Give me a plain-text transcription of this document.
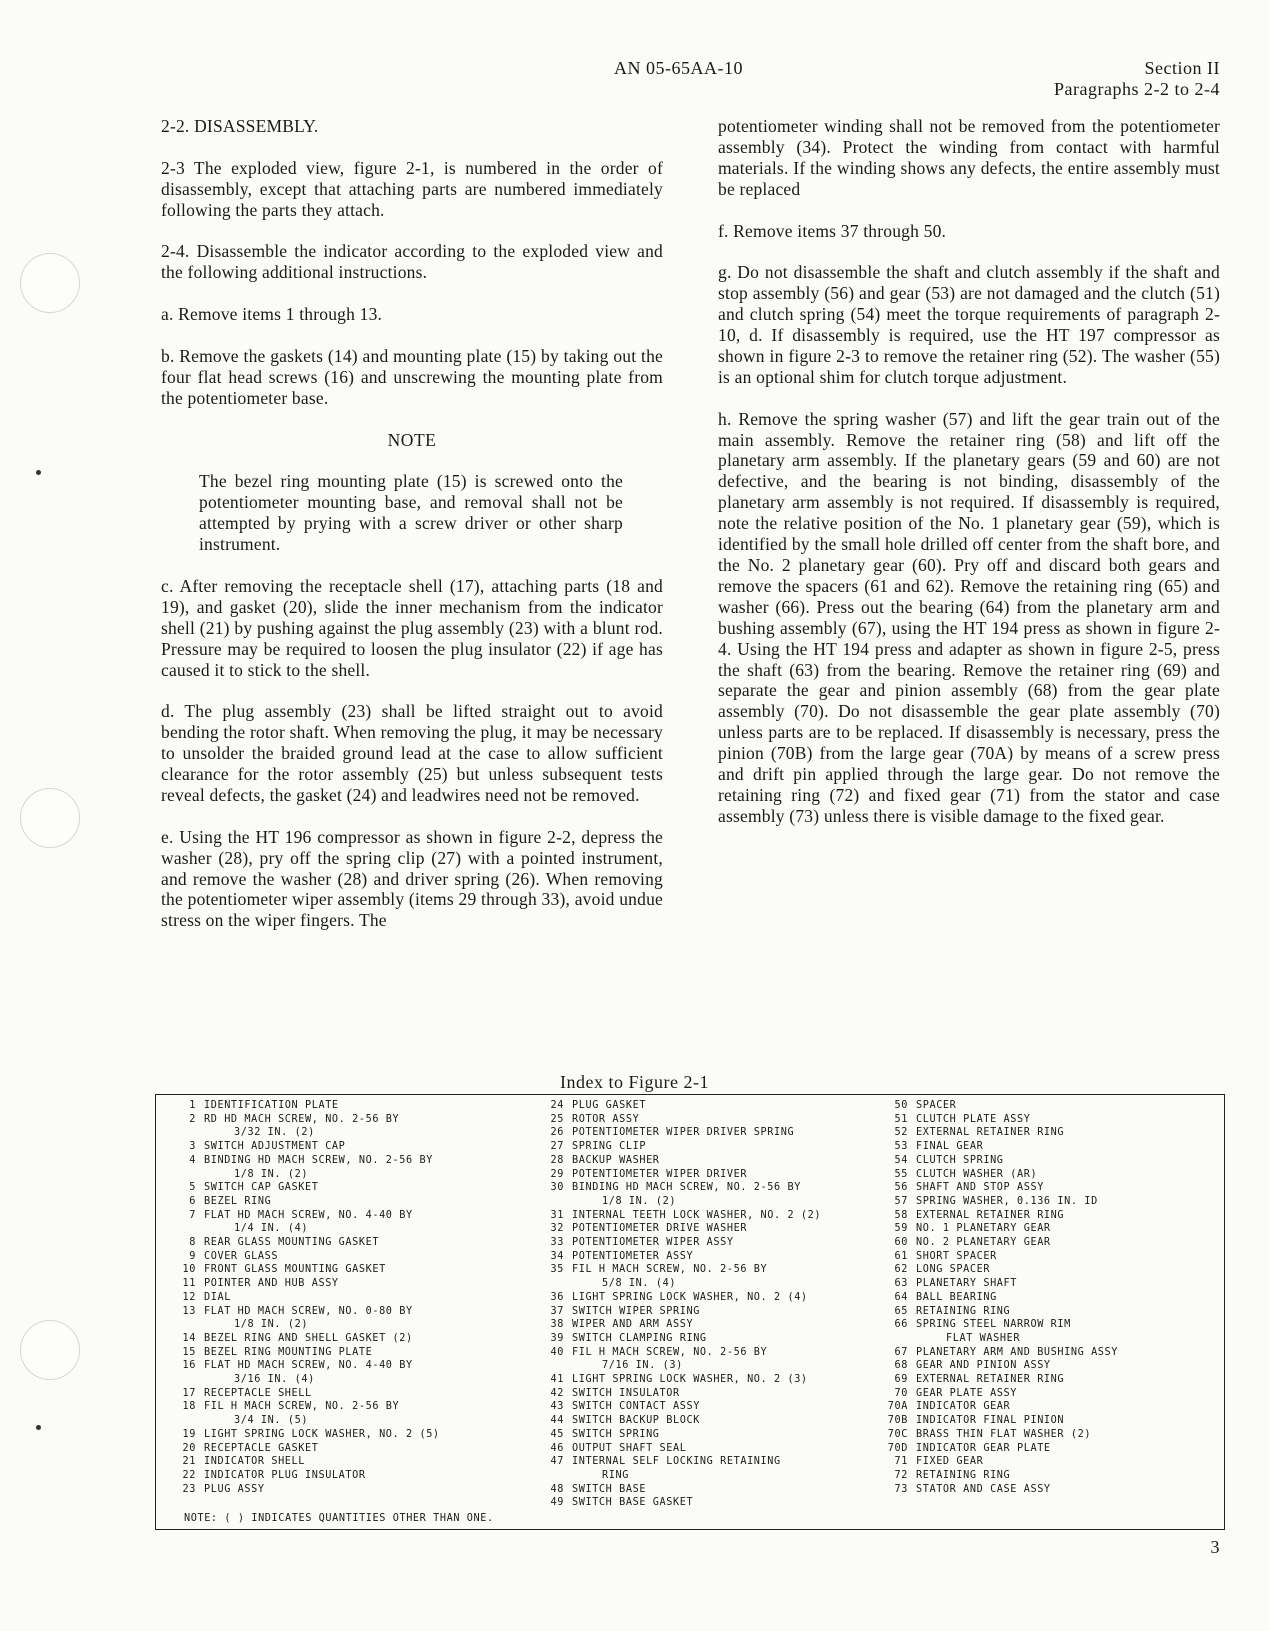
AN 05-65AA-10	Section II
Paragraphs 2-2 to 2-4

2-2. DISASSEMBLY.

2-3 The exploded view, figure 2-1, is numbered in the order of disassembly, except that attaching parts are numbered immediately following the parts they attach.

2-4. Disassemble the indicator according to the exploded view and the following additional instructions.

a. Remove items 1 through 13.

b. Remove the gaskets (14) and mounting plate (15) by taking out the four flat head screws (16) and unscrewing the mounting plate from the potentiometer base.

NOTE

The bezel ring mounting plate (15) is screwed onto the potentiometer mounting base, and removal shall not be attempted by prying with a screw driver or other sharp instrument.

c. After removing the receptacle shell (17), attaching parts (18 and 19), and gasket (20), slide the inner mechanism from the indicator shell (21) by pushing against the plug assembly (23) with a blunt rod. Pressure may be required to loosen the plug insulator (22) if age has caused it to stick to the shell.

d. The plug assembly (23) shall be lifted straight out to avoid bending the rotor shaft. When removing the plug, it may be necessary to unsolder the braided ground lead at the case to allow sufficient clearance for the rotor assembly (25) but unless subsequent tests reveal defects, the gasket (24) and leadwires need not be removed.

e. Using the HT 196 compressor as shown in figure 2-2, depress the washer (28), pry off the spring clip (27) with a pointed instrument, and remove the washer (28) and driver spring (26). When removing the potentiometer wiper assembly (items 29 through 33), avoid undue stress on the wiper fingers. The

potentiometer winding shall not be removed from the potentiometer assembly (34). Protect the winding from contact with harmful materials. If the winding shows any defects, the entire assembly must be replaced

f. Remove items 37 through 50.

g. Do not disassemble the shaft and clutch assembly if the shaft and stop assembly (56) and gear (53) are not damaged and the clutch (51) and clutch spring (54) meet the torque requirements of paragraph 2-10, d. If disassembly is required, use the HT 197 compressor as shown in figure 2-3 to remove the retainer ring (52). The washer (55) is an optional shim for clutch torque adjustment.

h. Remove the spring washer (57) and lift the gear train out of the main assembly. Remove the retainer ring (58) and lift off the planetary arm assembly. If the planetary gears (59 and 60) are not defective, and the bearing is not binding, disassembly of the planetary arm assembly is not required. If disassembly is required, note the relative position of the No. 1 planetary gear (59), which is identified by the small hole drilled off center from the shaft bore, and the No. 2 planetary gear (60). Pry off and discard both gears and remove the spacers (61 and 62). Remove the retaining ring (65) and washer (66). Press out the bearing (64) from the planetary arm and bushing assembly (67), using the HT 194 press as shown in figure 2-4. Using the HT 194 press and adapter as shown in figure 2-5, press the shaft (63) from the bearing. Remove the retainer ring (69) and separate the gear and pinion assembly (68) from the gear plate assembly (70). Do not disassemble the gear plate assembly (70) unless parts are to be replaced. If disassembly is necessary, press the pinion (70B) from the large gear (70A) by means of a screw press and drift pin applied through the large gear. Do not remove the retaining ring (72) and fixed gear (71) from the stator and case assembly (73) unless there is visible damage to the fixed gear.

Index to Figure 2-1
1 IDENTIFICATION PLATE
2 RD HD MACH SCREW, NO. 2-56 BY
3/32 IN. (2)
3 SWITCH ADJUSTMENT CAP
4 BINDING HD MACH SCREW, NO. 2-56 BY
1/8 IN. (2)
5 SWITCH CAP GASKET
6 BEZEL RING
7 FLAT HD MACH SCREW, NO. 4-40 BY
1/4 IN. (4)
8 REAR GLASS MOUNTING GASKET
9 COVER GLASS
10 FRONT GLASS MOUNTING GASKET
11 POINTER AND HUB ASSY
12 DIAL
13 FLAT HD MACH SCREW, NO. 0-80 BY
1/8 IN. (2)
14 BEZEL RING AND SHELL GASKET (2)
15 BEZEL RING MOUNTING PLATE
16 FLAT HD MACH SCREW, NO. 4-40 BY
3/16 IN. (4)
17 RECEPTACLE SHELL
18 FIL H MACH SCREW, NO. 2-56 BY
3/4 IN. (5)
19 LIGHT SPRING LOCK WASHER, NO. 2 (5)
20 RECEPTACLE GASKET
21 INDICATOR SHELL
22 INDICATOR PLUG INSULATOR
23 PLUG ASSY
24 PLUG GASKET
25 ROTOR ASSY
26 POTENTIOMETER WIPER DRIVER SPRING
27 SPRING CLIP
28 BACKUP WASHER
29 POTENTIOMETER WIPER DRIVER
30 BINDING HD MACH SCREW, NO. 2-56 BY
1/8 IN. (2)
31 INTERNAL TEETH LOCK WASHER, NO. 2 (2)
32 POTENTIOMETER DRIVE WASHER
33 POTENTIOMETER WIPER ASSY
34 POTENTIOMETER ASSY
35 FIL H MACH SCREW, NO. 2-56 BY
5/8 IN. (4)
36 LIGHT SPRING LOCK WASHER, NO. 2 (4)
37 SWITCH WIPER SPRING
38 WIPER AND ARM ASSY
39 SWITCH CLAMPING RING
40 FIL H MACH SCREW, NO. 2-56 BY
7/16 IN. (3)
41 LIGHT SPRING LOCK WASHER, NO. 2 (3)
42 SWITCH INSULATOR
43 SWITCH CONTACT ASSY
44 SWITCH BACKUP BLOCK
45 SWITCH SPRING
46 OUTPUT SHAFT SEAL
47 INTERNAL SELF LOCKING RETAINING
RING
48 SWITCH BASE
49 SWITCH BASE GASKET
50 SPACER
51 CLUTCH PLATE ASSY
52 EXTERNAL RETAINER RING
53 FINAL GEAR
54 CLUTCH SPRING
55 CLUTCH WASHER (AR)
56 SHAFT AND STOP ASSY
57 SPRING WASHER, 0.136 IN. ID
58 EXTERNAL RETAINER RING
59 NO. 1 PLANETARY GEAR
60 NO. 2 PLANETARY GEAR
61 SHORT SPACER
62 LONG SPACER
63 PLANETARY SHAFT
64 BALL BEARING
65 RETAINING RING
66 SPRING STEEL NARROW RIM
FLAT WASHER
67 PLANETARY ARM AND BUSHING ASSY
68 GEAR AND PINION ASSY
69 EXTERNAL RETAINER RING
70 GEAR PLATE ASSY
70A INDICATOR GEAR
70B INDICATOR FINAL PINION
70C BRASS THIN FLAT WASHER (2)
70D INDICATOR GEAR PLATE
71 FIXED GEAR
72 RETAINING RING
73 STATOR AND CASE ASSY
NOTE: ( ) INDICATES QUANTITIES OTHER THAN ONE.
3
